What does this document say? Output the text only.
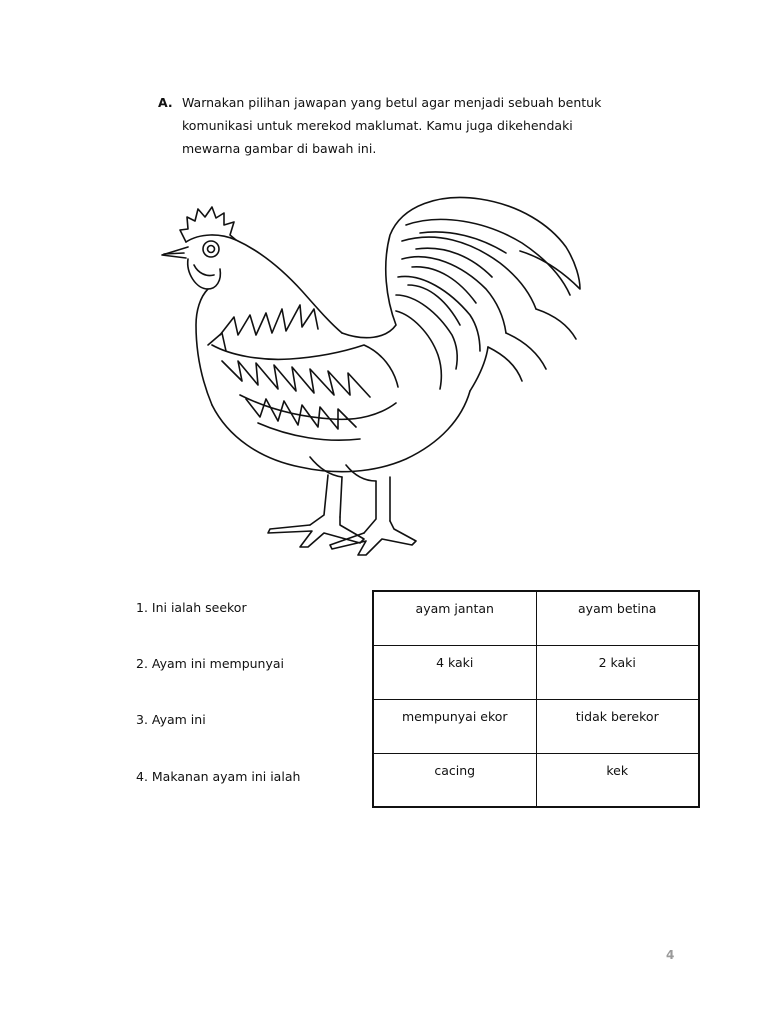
A. Warnakan pilihan jawapan yang betul agar menjadi sebuah bentuk
komunikasi untuk merekod maklumat. Kamu juga dikehendaki
mewarna gambar di bawah ini.
1. Ini ialah seekor
2. Ayam ini mempunyai
3. Ayam ini
4. Makanan ayam ini ialah
ayam jantan	ayam betina
4 kaki	2 kaki
mempunyai ekor	tidak berekor
cacing	kek
4
